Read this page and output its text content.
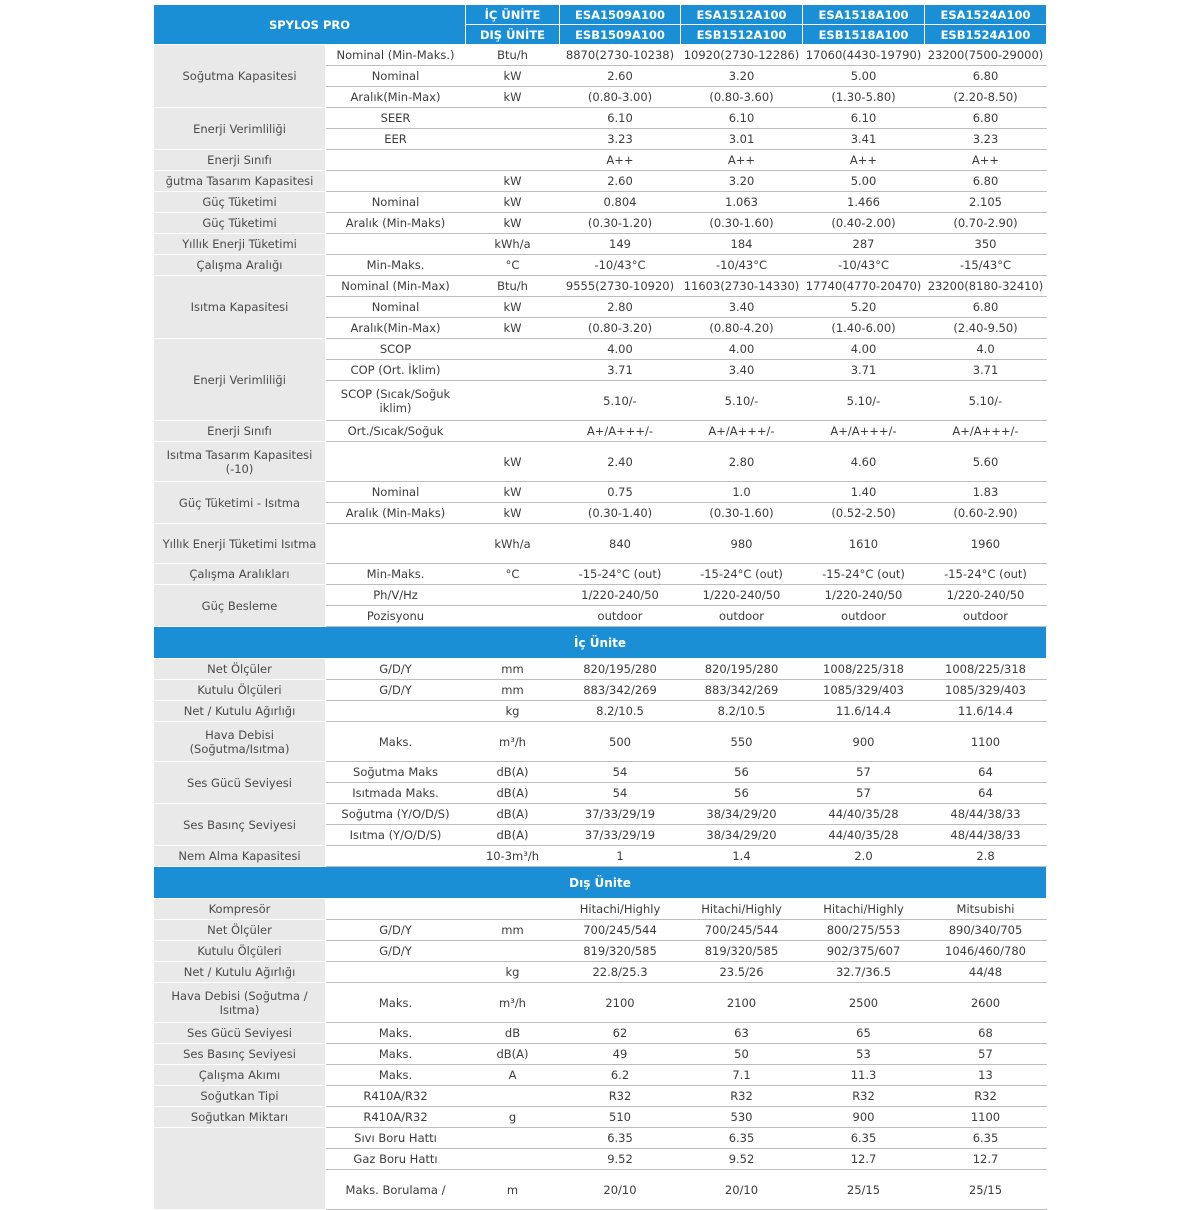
SPYLOS PRO		İÇ ÜNİTE	ESA1509A100	ESA1512A100	ESA1518A100	ESA1524A100
		DIŞ ÜNİTE	ESB1509A100	ESB1512A100	ESB1518A100	ESB1524A100
Soğutma Kapasitesi	Nominal (Min-Maks.)	Btu/h	8870(2730-10238)	10920(2730-12286)	17060(4430-19790)	23200(7500-29000)
	Nominal	kW	2.60	3.20	5.00	6.80
	Aralık(Min-Max)	kW	(0.80-3.00)	(0.80-3.60)	(1.30-5.80)	(2.20-8.50)
Enerji Verimliliği	SEER		6.10	6.10	6.10	6.80
	EER		3.23	3.01	3.41	3.23
Enerji Sınıfı			A++	A++	A++	A++
ğutma Tasarım Kapasitesi		kW	2.60	3.20	5.00	6.80
Güç Tüketimi	Nominal	kW	0.804	1.063	1.466	2.105
Güç Tüketimi	Aralık (Min-Maks)	kW	(0.30-1.20)	(0.30-1.60)	(0.40-2.00)	(0.70-2.90)
Yıllık Enerji Tüketimi		kWh/a	149	184	287	350
Çalışma Aralığı	Min-Maks.	°C	-10/43°C	-10/43°C	-10/43°C	-15/43°C
Isıtma Kapasitesi	Nominal (Min-Max)	Btu/h	9555(2730-10920)	11603(2730-14330)	17740(4770-20470)	23200(8180-32410)
	Nominal	kW	2.80	3.40	5.20	6.80
	Aralık(Min-Max)	kW	(0.80-3.20)	(0.80-4.20)	(1.40-6.00)	(2.40-9.50)
Enerji Verimliliği	SCOP		4.00	4.00	4.00	4.0
	COP (Ort. İklim)		3.71	3.40	3.71	3.71
	SCOP (Sıcak/Soğuk iklim)		5.10/-	5.10/-	5.10/-	5.10/-
Enerji Sınıfı	Ort./Sıcak/Soğuk		A+/A+++/-	A+/A+++/-	A+/A+++/-	A+/A+++/-
Isıtma Tasarım Kapasitesi (-10)		kW	2.40	2.80	4.60	5.60
Güç Tüketimi - Isıtma	Nominal	kW	0.75	1.0	1.40	1.83
	Aralık (Min-Maks)	kW	(0.30-1.40)	(0.30-1.60)	(0.52-2.50)	(0.60-2.90)
Yıllık Enerji Tüketimi Isıtma		kWh/a	840	980	1610	1960
Çalışma Aralıkları	Min-Maks.	°C	-15-24°C (out)	-15-24°C (out)	-15-24°C (out)	-15-24°C (out)
Güç Besleme	Ph/V/Hz		1/220-240/50	1/220-240/50	1/220-240/50	1/220-240/50
	Pozisyonu		outdoor	outdoor	outdoor	outdoor
İç Ünite						
Net Ölçüler	G/D/Y	mm	820/195/280	820/195/280	1008/225/318	1008/225/318
Kutulu Ölçüleri	G/D/Y	mm	883/342/269	883/342/269	1085/329/403	1085/329/403
Net / Kutulu Ağırlığı		kg	8.2/10.5	8.2/10.5	11.6/14.4	11.6/14.4
Hava Debisi (Soğutma/Isıtma)	Maks.	m³/h	500	550	900	1100
Ses Gücü Seviyesi	Soğutma Maks	dB(A)	54	56	57	64
	Isıtmada Maks.	dB(A)	54	56	57	64
Ses Basınç Seviyesi	Soğutma (Y/O/D/S)	dB(A)	37/33/29/19	38/34/29/20	44/40/35/28	48/44/38/33
	Isıtma (Y/O/D/S)	dB(A)	37/33/29/19	38/34/29/20	44/40/35/28	48/44/38/33
Nem Alma Kapasitesi		10-3m³/h	1	1.4	2.0	2.8
Dış Ünite						
Kompresör			Hitachi/Highly	Hitachi/Highly	Hitachi/Highly	Mitsubishi
Net Ölçüler	G/D/Y	mm	700/245/544	700/245/544	800/275/553	890/340/705
Kutulu Ölçüleri	G/D/Y		819/320/585	819/320/585	902/375/607	1046/460/780
Net / Kutulu Ağırlığı		kg	22.8/25.3	23.5/26	32.7/36.5	44/48
Hava Debisi (Soğutma / Isıtma)	Maks.	m³/h	2100	2100	2500	2600
Ses Gücü Seviyesi	Maks.	dB	62	63	65	68
Ses Basınç Seviyesi	Maks.	dB(A)	49	50	53	57
Çalışma Akımı	Maks.	A	6.2	7.1	11.3	13
Soğutkan Tipi	R410A/R32		R32	R32	R32	R32
Soğutkan Miktarı	R410A/R32	g	510	530	900	1100
	Sıvı Boru Hattı		6.35	6.35	6.35	6.35
	Gaz Boru Hattı		9.52	9.52	12.7	12.7
	Maks. Borulama /	m	20/10	20/10	25/15	25/15
